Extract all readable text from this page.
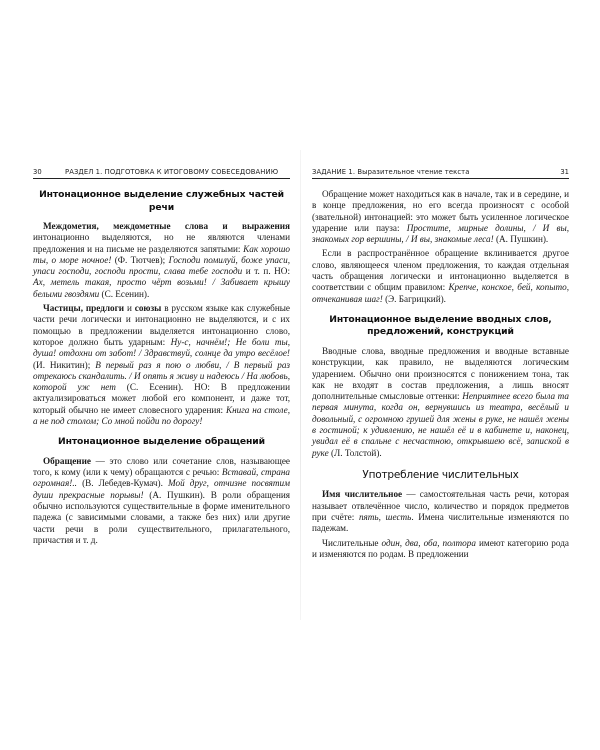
30	РАЗДЕЛ 1. ПОДГОТОВКА К ИТОГОВОМУ СОБЕСЕДОВАНИЮ
Интонационное выделение служебных частей речи

Междометия, междометные слова и выражения интонационно выделяются, но не являются членами предложения и на письме не разделяются запятыми: Как хорошо ты, о море ночное! (Ф. Тютчев); Господи помилуй, боже упаси, упаси господи, господи прости, слава тебе господи и т. п. НО: Ах, метель такая, просто чёрт возьми! / Забивает крышу белыми гвоздями (С. Есенин).

Частицы, предлоги и союзы в русском языке как служебные части речи логически и интонационно не выделяются, и с их помощью в предложении выделяется интонационно слово, которое должно быть ударным: Ну-с, начнём!; Не боли ты, душа! отдохни от забот! / Здравствуй, солнце да утро весёлое! (И. Никитин); В первый раз я пою о любви, / В первый раз отрекаюсь скандалить. / И опять я живу и надеюсь / На любовь, которой уж нет (С. Есенин). НО: В предложении актуализироваться может любой его компонент, и даже тот, который обычно не имеет словесного ударения: Книга на столе, а не под столом; Со мной пойди по дорогу!

Интонационное выделение обращений

Обращение — это слово или сочетание слов, называющее того, к кому (или к чему) обращаются с речью: Вставай, страна огромная!.. (В. Лебедев-Кумач). Мой друг, отчизне посвятим души прекрасные порывы! (А. Пушкин). В роли обращения обычно используются существительные в форме именительного падежа (с зависимыми словами, а также без них) или другие части речи в роли существительного, прилагательного, причастия и т. д.

ЗАДАНИЕ 1. Выразительное чтение текста	31

Обращение может находиться как в начале, так и в середине, и в конце предложения, но его всегда произносят с особой (звательной) интонацией: это может быть усиленное логическое ударение или пауза: Простите, мирные долины, / И вы, знакомых гор вершины, / И вы, знакомые леса! (А. Пушкин).

Если в распространённое обращение вклинивается другое слово, являющееся членом предложения, то каждая отдельная часть обращения логически и интонационно выделяется в соответствии с общим правилом: Крепче, конское, бей, копыто, отчеканивая шаг! (Э. Багрицкий).

Интонационное выделение вводных слов, предложений, конструкций

Вводные слова, вводные предложения и вводные вставные конструкции, как правило, не выделяются логическим ударением. Обычно они произносятся с понижением тона, так как не входят в состав предложения, а лишь вносят дополнительные смысловые оттенки: Неприятнее всего была та первая минута, когда он, вернувшись из театра, весёлый и довольный, с огромною грушей для жены в руке, не нашёл жены в гостиной; к удивлению, не нашёл её и в кабинете и, наконец, увидал её в спальне с несчастною, открывшею всё, запиской в руке (Л. Толстой).

Употребление числительных

Имя числительное — самостоятельная часть речи, которая называет отвлечённое число, количество и порядок предметов при счёте: пять, шесть. Имена числительные изменяются по падежам.

Числительные один, два, оба, полтора имеют категорию рода и изменяются по родам. В предложении
